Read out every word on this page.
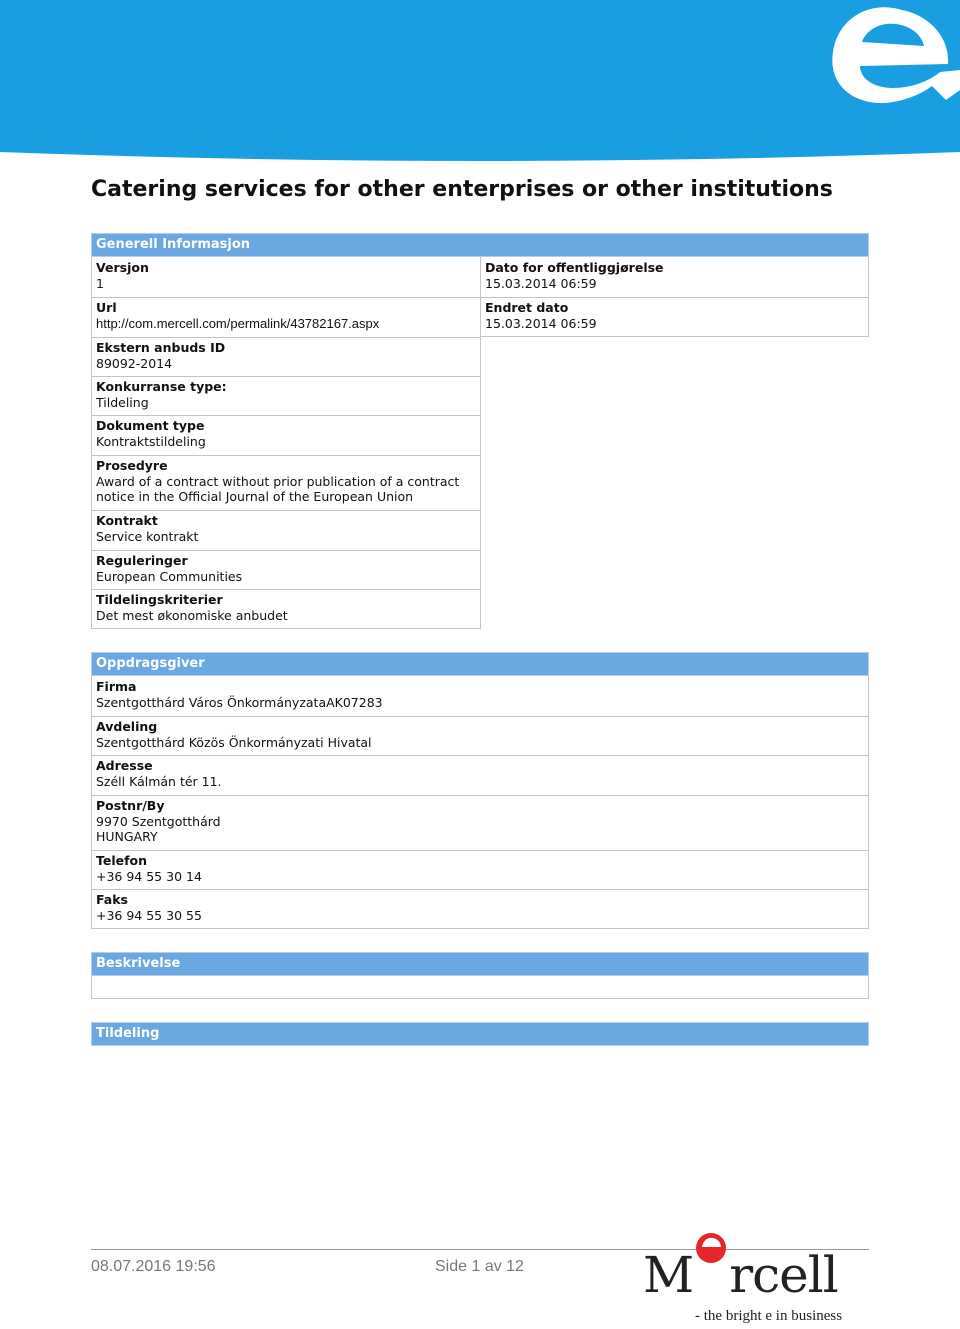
Catering services for other enterprises or other institutions
Generell Informasjon
Versjon
1
Url
http://com.mercell.com/permalink/43782167.aspx
Ekstern anbuds ID
89092-2014
Konkurranse type:
Tildeling
Dokument type
Kontraktstildeling
Prosedyre
Award of a contract without prior publication of a contract
notice in the Official Journal of the European Union
Kontrakt
Service kontrakt
Reguleringer
European Communities
Tildelingskriterier
Det mest økonomiske anbudet
Dato for offentliggjørelse
15.03.2014 06:59
Endret dato
15.03.2014 06:59
Oppdragsgiver
Firma
Szentgotthárd Város ÖnkormányzataAK07283
Avdeling
Szentgotthárd Közös Önkormányzati Hivatal
Adresse
Széll Kálmán tér 11.
Postnr/By
9970 Szentgotthárd
HUNGARY
Telefon
+36 94 55 30 14
Faks
+36 94 55 30 55
Beskrivelse
Tildeling
08.07.2016 19:56	Side 1 av 12 M rcell
- the bright e in business
